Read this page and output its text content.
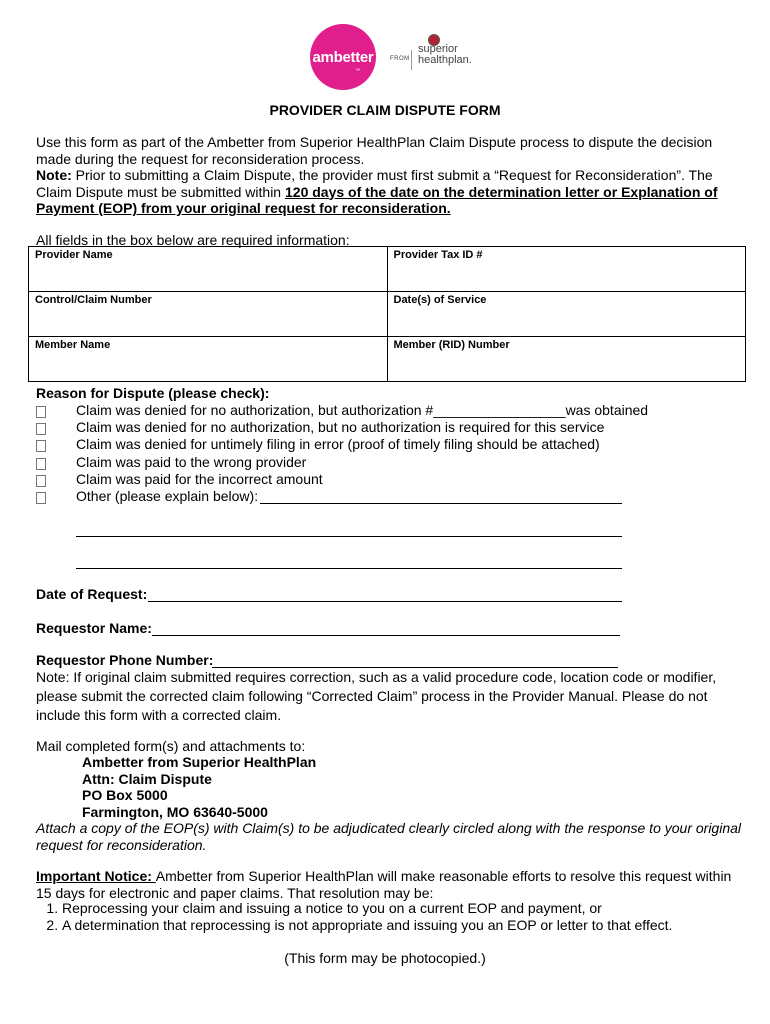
ambetter
™
FROM
superior
healthplan.
PROVIDER CLAIM DISPUTE FORM
Use this form as part of the Ambetter from Superior HealthPlan Claim Dispute process to dispute the decision made during the request for reconsideration process.
Note: Prior to submitting a Claim Dispute, the provider must first submit a “Request for Reconsideration”. The Claim Dispute must be submitted within 120 days of the date on the determination letter or Explanation of Payment (EOP) from your original request for reconsideration.
All fields in the box below are required information:
Provider Name	Provider Tax ID #
Control/Claim Number	Date(s) of Service
Member Name	Member (RID) Number
Reason for Dispute (please check):
Claim was denied for no authorization, but authorization #_________________was obtained
Claim was denied for no authorization, but no authorization is required for this service
Claim was denied for untimely filing in error (proof of timely filing should be attached)
Claim was paid to the wrong provider
Claim was paid for the incorrect amount
Other (please explain below):
Date of Request:
Requestor Name:
Requestor Phone Number:
Note: If original claim submitted requires correction, such as a valid procedure code, location code or modifier, please submit the corrected claim following “Corrected Claim” process in the Provider Manual. Please do not include this form with a corrected claim.
Mail completed form(s) and attachments to:
Ambetter from Superior HealthPlan
Attn: Claim Dispute
PO Box 5000
Farmington, MO 63640-5000
Attach a copy of the EOP(s) with Claim(s) to be adjudicated clearly circled along with the response to your original request for reconsideration.
Important Notice: Ambetter from Superior HealthPlan will make reasonable efforts to resolve this request within 15 days for electronic and paper claims. That resolution may be:
1. Reprocessing your claim and issuing a notice to you on a current EOP and payment, or
2. A determination that reprocessing is not appropriate and issuing you an EOP or letter to that effect.
(This form may be photocopied.)
